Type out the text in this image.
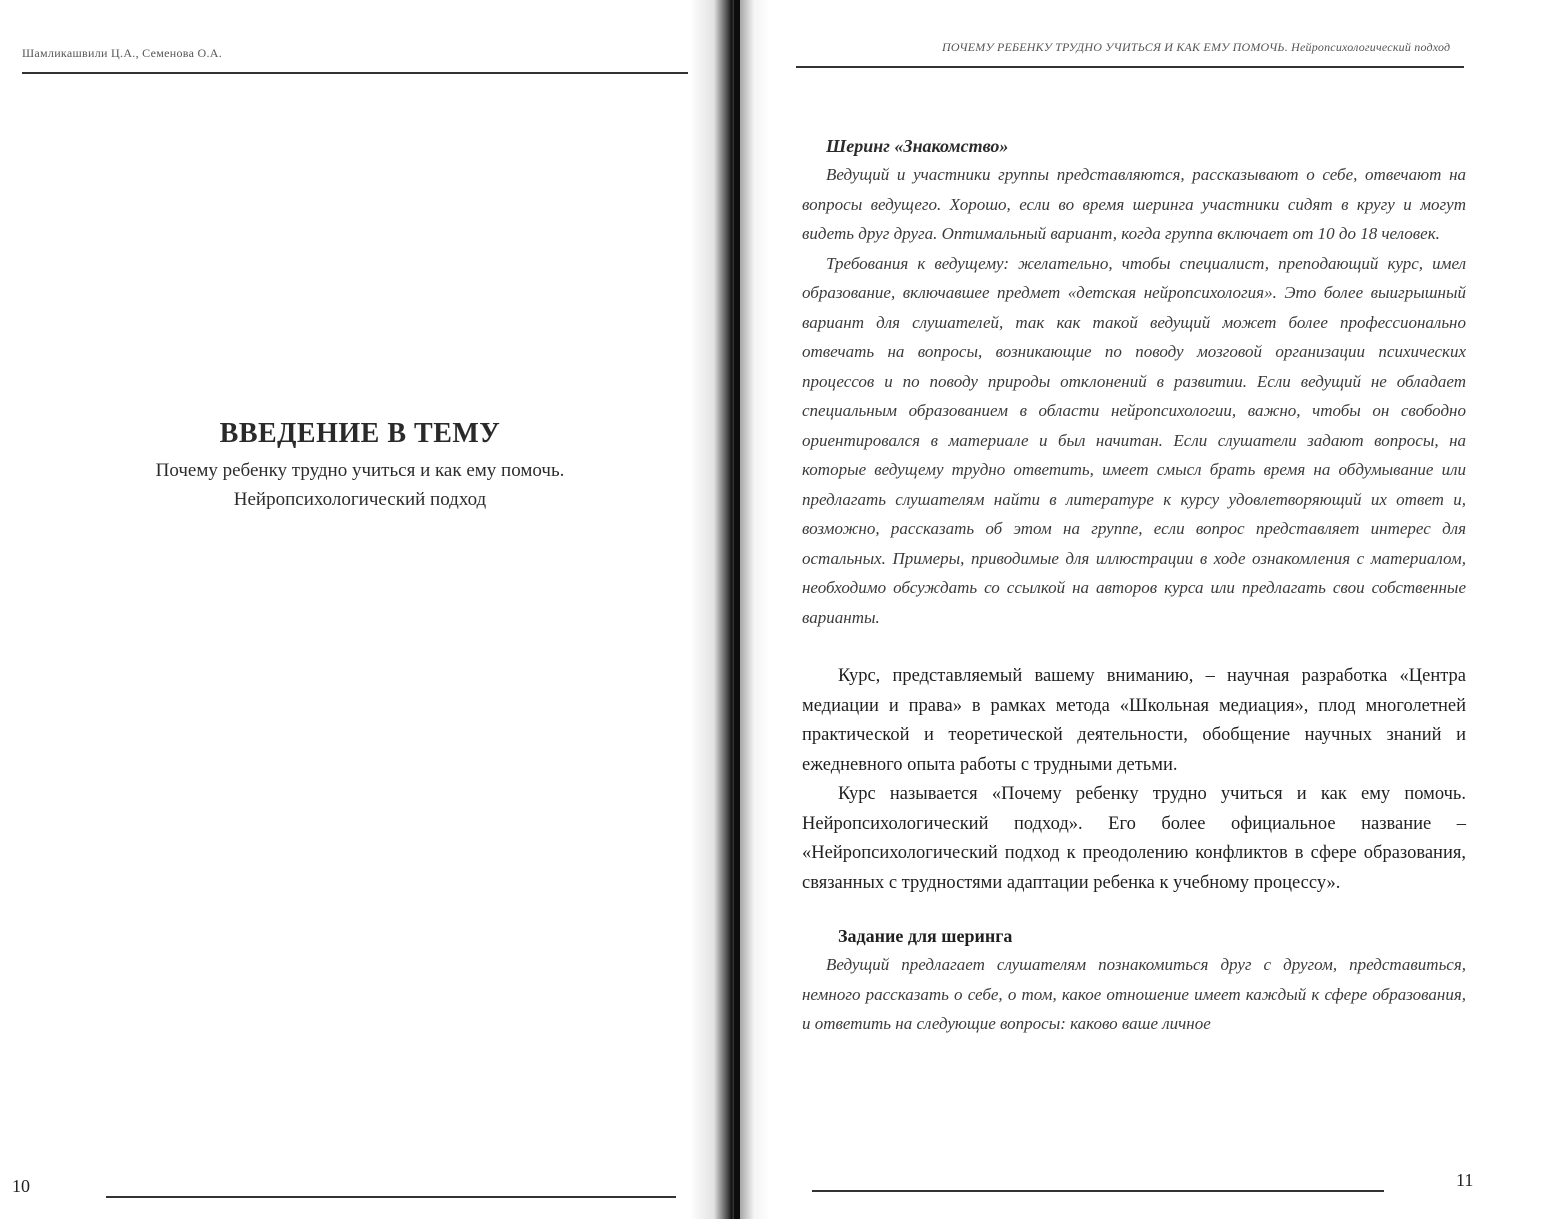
Шамликашвили Ц.А., Семенова О.А.
ВВЕДЕНИЕ В ТЕМУ

Почему ребенку трудно учиться и как ему помочь.

Нейропсихологический подход

10
ПОЧЕМУ РЕБЕНКУ ТРУДНО УЧИТЬСЯ И КАК ЕМУ ПОМОЧЬ. Нейропсихологический подход
Шеринг «Знакомство»

Ведущий и участники группы представляются, рассказывают о себе, отвечают на вопросы ведущего. Хорошо, если во время шеринга участники сидят в кругу и могут видеть друг друга. Оптимальный вариант, когда группа включает от 10 до 18 человек.

Требования к ведущему: желательно, чтобы специалист, преподающий курс, имел образование, включавшее предмет «детская нейропсихология». Это более выигрышный вариант для слушателей, так как такой ведущий может более профессионально отвечать на вопросы, возникающие по поводу мозговой организации психических процессов и по поводу природы отклонений в развитии. Если ведущий не обладает специальным образованием в области нейропсихологии, важно, чтобы он свободно ориентировался в материале и был начитан. Если слушатели задают вопросы, на которые ведущему трудно ответить, имеет смысл брать время на обдумывание или предлагать слушателям найти в литературе к курсу удовлетворяющий их ответ и, возможно, рассказать об этом на группе, если вопрос представляет интерес для остальных. Примеры, приводимые для иллюстрации в ходе ознакомления с материалом, необходимо обсуждать со ссылкой на авторов курса или предлагать свои собственные варианты.

Курс, представляемый вашему вниманию, – научная разработка «Центра медиации и права» в рамках метода «Школьная медиация», плод многолетней практической и теоретической деятельности, обобщение научных знаний и ежедневного опыта работы с трудными детьми.

Курс называется «Почему ребенку трудно учиться и как ему помочь. Нейропсихологический подход». Его более официальное название – «Нейропсихологический подход к преодолению конфликтов в сфере образования, связанных с трудностями адаптации ребенка к учебному процессу».

Задание для шеринга

Ведущий предлагает слушателям познакомиться друг с другом, представиться, немного рассказать о себе, о том, какое отношение имеет каждый к сфере образования, и ответить на следующие вопросы: каково ваше личное

11
